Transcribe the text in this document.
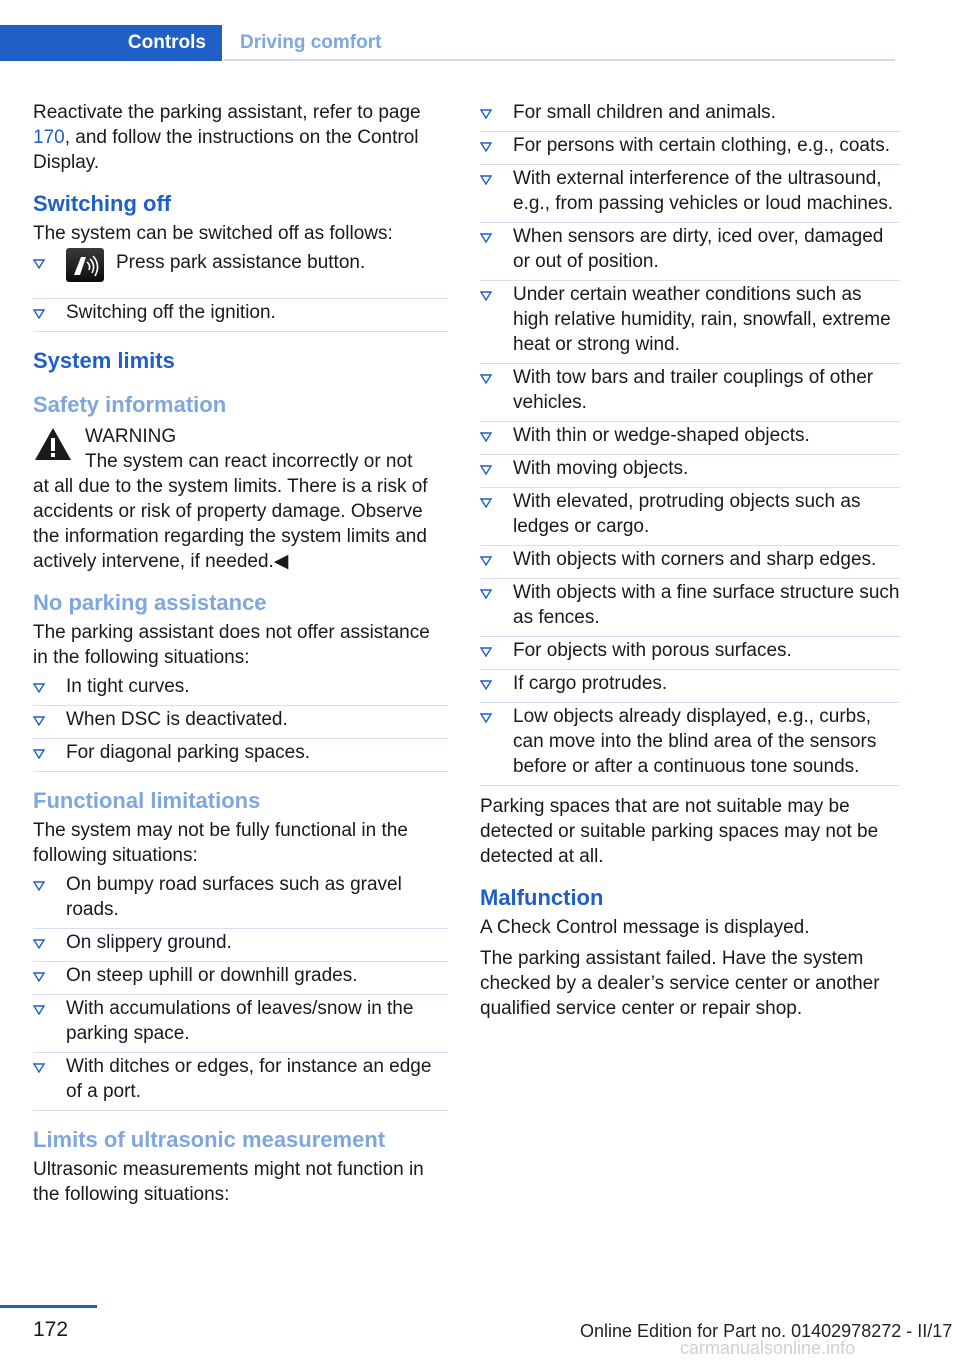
Controls	Driving comfort

Reactivate the parking assistant, refer to page 170, and follow the instructions on the Control Display.

Switching off

The system can be switched off as follows:

Press park assistance button.
Switching off the ignition.
System limits
Safety information
WARNING
The system can react incorrectly or not

at all due to the system limits. There is a risk of accidents or risk of property damage. Observe the information regarding the system limits and actively intervene, if needed.◀

No parking assistance

The parking assistant does not offer assistance in the following situations:

In tight curves.
When DSC is deactivated.
For diagonal parking spaces.
Functional limitations

The system may not be fully functional in the following situations:

On bumpy road surfaces such as gravel roads.
On slippery ground.
On steep uphill or downhill grades.
With accumulations of leaves/snow in the parking space.
With ditches or edges, for instance an edge of a port.
Limits of ultrasonic measurement

Ultrasonic measurements might not function in the following situations:

For small children and animals.
For persons with certain clothing, e.g., coats.
With external interference of the ultrasound, e.g., from passing vehicles or loud machines.
When sensors are dirty, iced over, damaged or out of position.
Under certain weather conditions such as high relative humidity, rain, snowfall, extreme heat or strong wind.
With tow bars and trailer couplings of other vehicles.
With thin or wedge-shaped objects.
With moving objects.
With elevated, protruding objects such as ledges or cargo.
With objects with corners and sharp edges.
With objects with a fine surface structure such as fences.
For objects with porous surfaces.
If cargo protrudes.
Low objects already displayed, e.g., curbs, can move into the blind area of the sensors before or after a continuous tone sounds.

Parking spaces that are not suitable may be detected or suitable parking spaces may not be detected at all.

Malfunction

A Check Control message is displayed.

The parking assistant failed. Have the system checked by a dealer’s service center or another qualified service center or repair shop.

172	Online Edition for Part no. 01402978272 - II/17
carmanualsonline.info
